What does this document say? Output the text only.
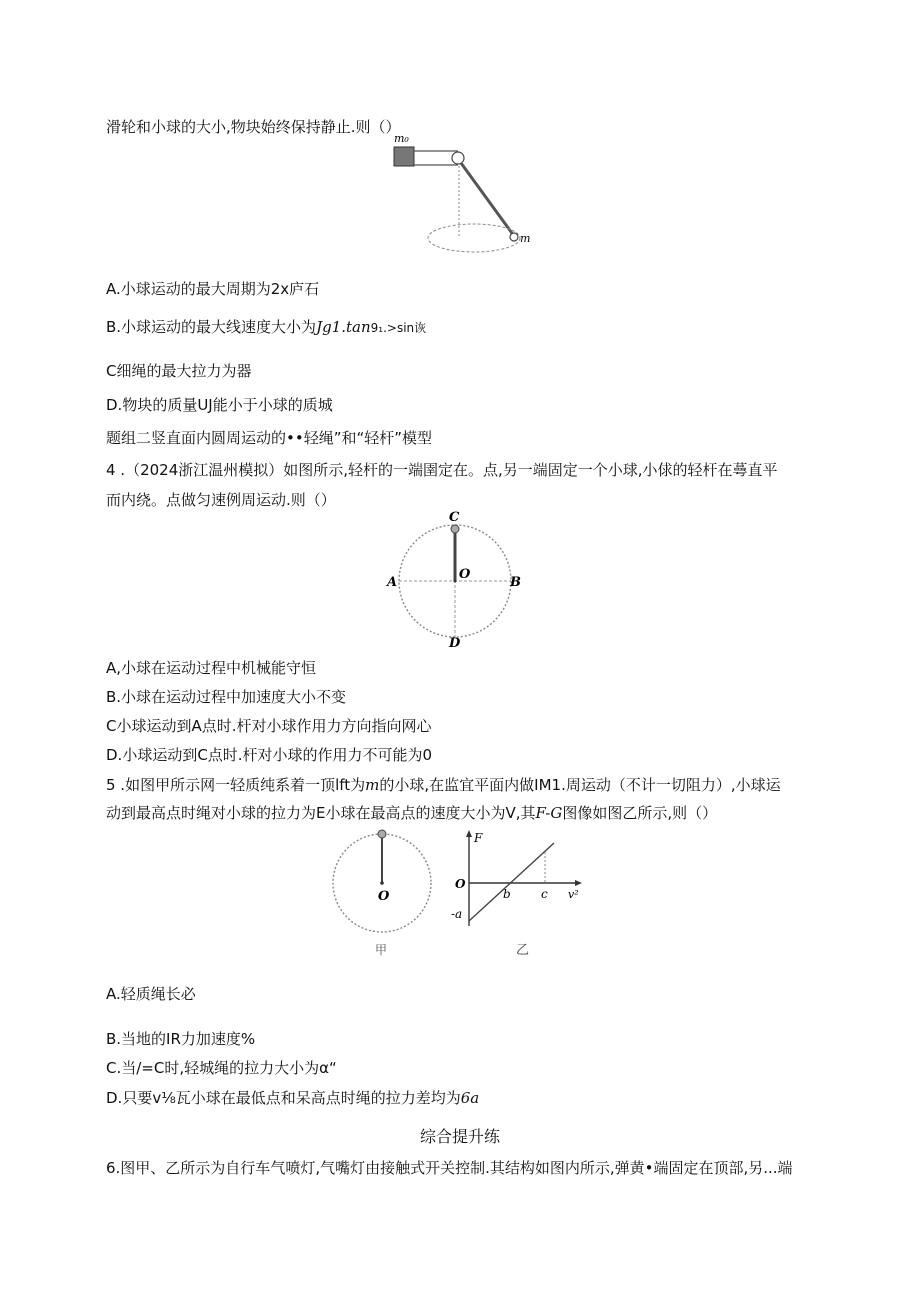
滑轮和小球的大小,物块始终保持静止.则（）
m₀
m
A.小球运动的最大周期为2x庐石
B.小球运动的最大线速度大小为Jg1.tan9₁.>sin诙
C细绳的最大拉力为器
D.物块的质量UJ能小于小球的质城
题组二竖直面内圆周运动的••轻绳”和“轻杆”模型
4 .（2024浙江温州模拟）如图所示,轻杆的一端圉定在。点,另一端固定一个小球,小俅的轻杆在蕚直平
而内绕。点做匀速例周运动.则（）
C
O
A	B
D
A,小球在运动过程中机械能守恒
B.小球在运动过程中加速度大小不变
C小球运动到A点时.杆对小球作用力方向指向网心
D.小球运动到C点时.杆对小球的作用力不可能为0
5 .如图甲所示网一轻质纯系着一顶lft为m的小球,在监宜平面内做IM1.周运动（不计一切阻力）,小球运
动到最高点时绳对小球的拉力为E小球在最高点的速度大小为V,其F-G图像如图乙所示,则（）
O
甲
F
O
-a
b	c v²
乙
A.轻质绳长必
B.当地的IR力加速度%
C.当/=C时,轻城绳的拉力大小为α“
D.只要v⅛瓦小球在最低点和呆高点时绳的拉力差均为6a
综合提升练
6.图甲、乙所示为自行车气喷灯,气嘴灯由接触式开关控制.其结构如图内所示,弹黄•端固定在顶部,另...端
